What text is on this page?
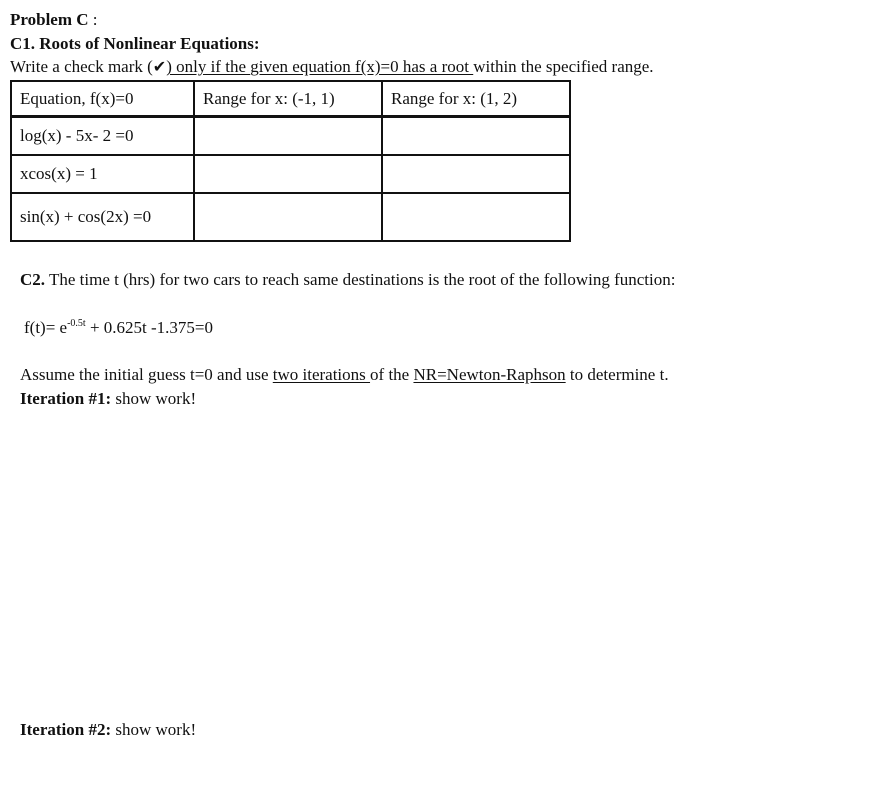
Problem C :
C1. Roots of Nonlinear Equations:
Write a check mark (✔) only if the given equation f(x)=0 has a root within the specified range.
Equation, f(x)=0	Range for x: (-1, 1)	Range for x: (1, 2)
log(x) - 5x- 2 =0		
xcos(x) = 1		
sin(x) + cos(2x) =0		
C2. The time t (hrs) for two cars to reach same destinations is the root of the following function:
$f(t)= e^{-0.5t} + 0.625t$ -1.375=0
Assume the initial guess t=0 and use two iterations of the NR=Newton-Raphson to determine t.
Iteration #1: show work!
Iteration #2: show work!
